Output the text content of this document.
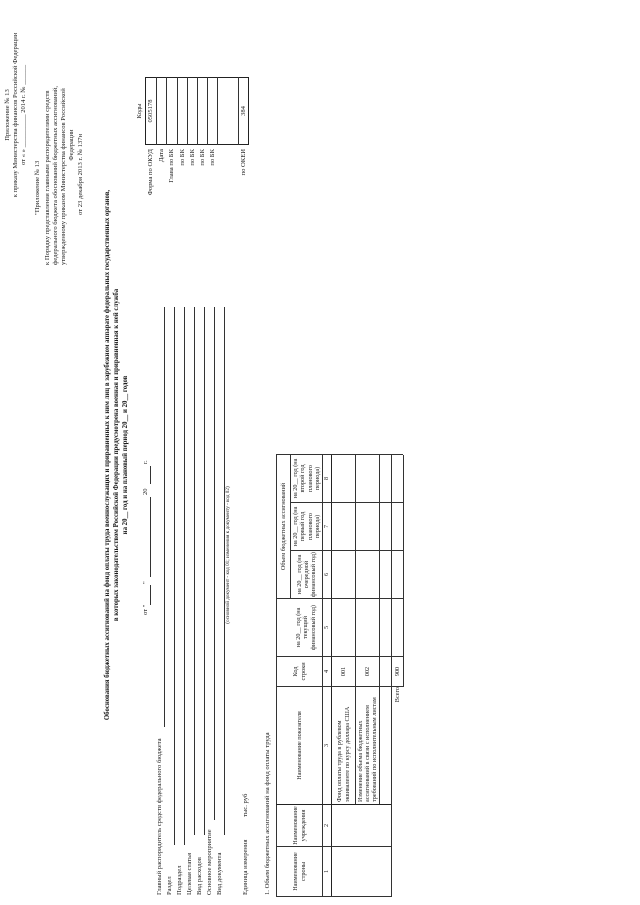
Приложение № 13 к приказу Министерства финансов Российской Федерации от « » __________ 2014 г. № ______
"Приложение № 13 к Порядку представления главными распорядителями средств федерального бюджета обоснований бюджетных ассигнований, утвержденному приказом Министерства финансов Российской Федерации от 23 декабря 2013 г. № 137н
Обоснования бюджетных ассигнований на фонд оплаты труда военнослужащих и приравненных к ним лиц в зарубежном аппарате федеральных государственных органов, в которых законодательством Российской Федерации предусмотрена военная и приравненная к ней служба на 20__ год и на плановый период 20__ и 20__ годов
от "
"
20
г.
Главный распорядитель средств федерального бюджета Раздел Подраздел Целевая статья Вид расходов Основное мероприятие Вид документа
(основной документ - код 01; изменения к документу - код 02)
Единица измерения
тыс. руб
Коды
Форма по ОКУД
0505178
Дата Глава по БК по БК по БК по БК по БК	по ОКЕИ
384
1. Объем бюджетных ассигнований на фонд оплаты труда	Наименование строны
Наименование учреждения
Наименование показателя
Код строки
на 20__ год (на текущий финансовый год)
Объем бюджетных ассигнований
на 20__ год (на очередной финансовый год)
на 20__ год (на первый год планового периода)
на 20__ год (на второй год планового периода)
1
2
3
4
5
6
7
8
Фонд оплаты труда в рублевом эквиваленте по курсу доллара США
001
Изменение объема бюджетных ассигнований в связи с исполнением требований по исполнительным листам
002
Всего
900
